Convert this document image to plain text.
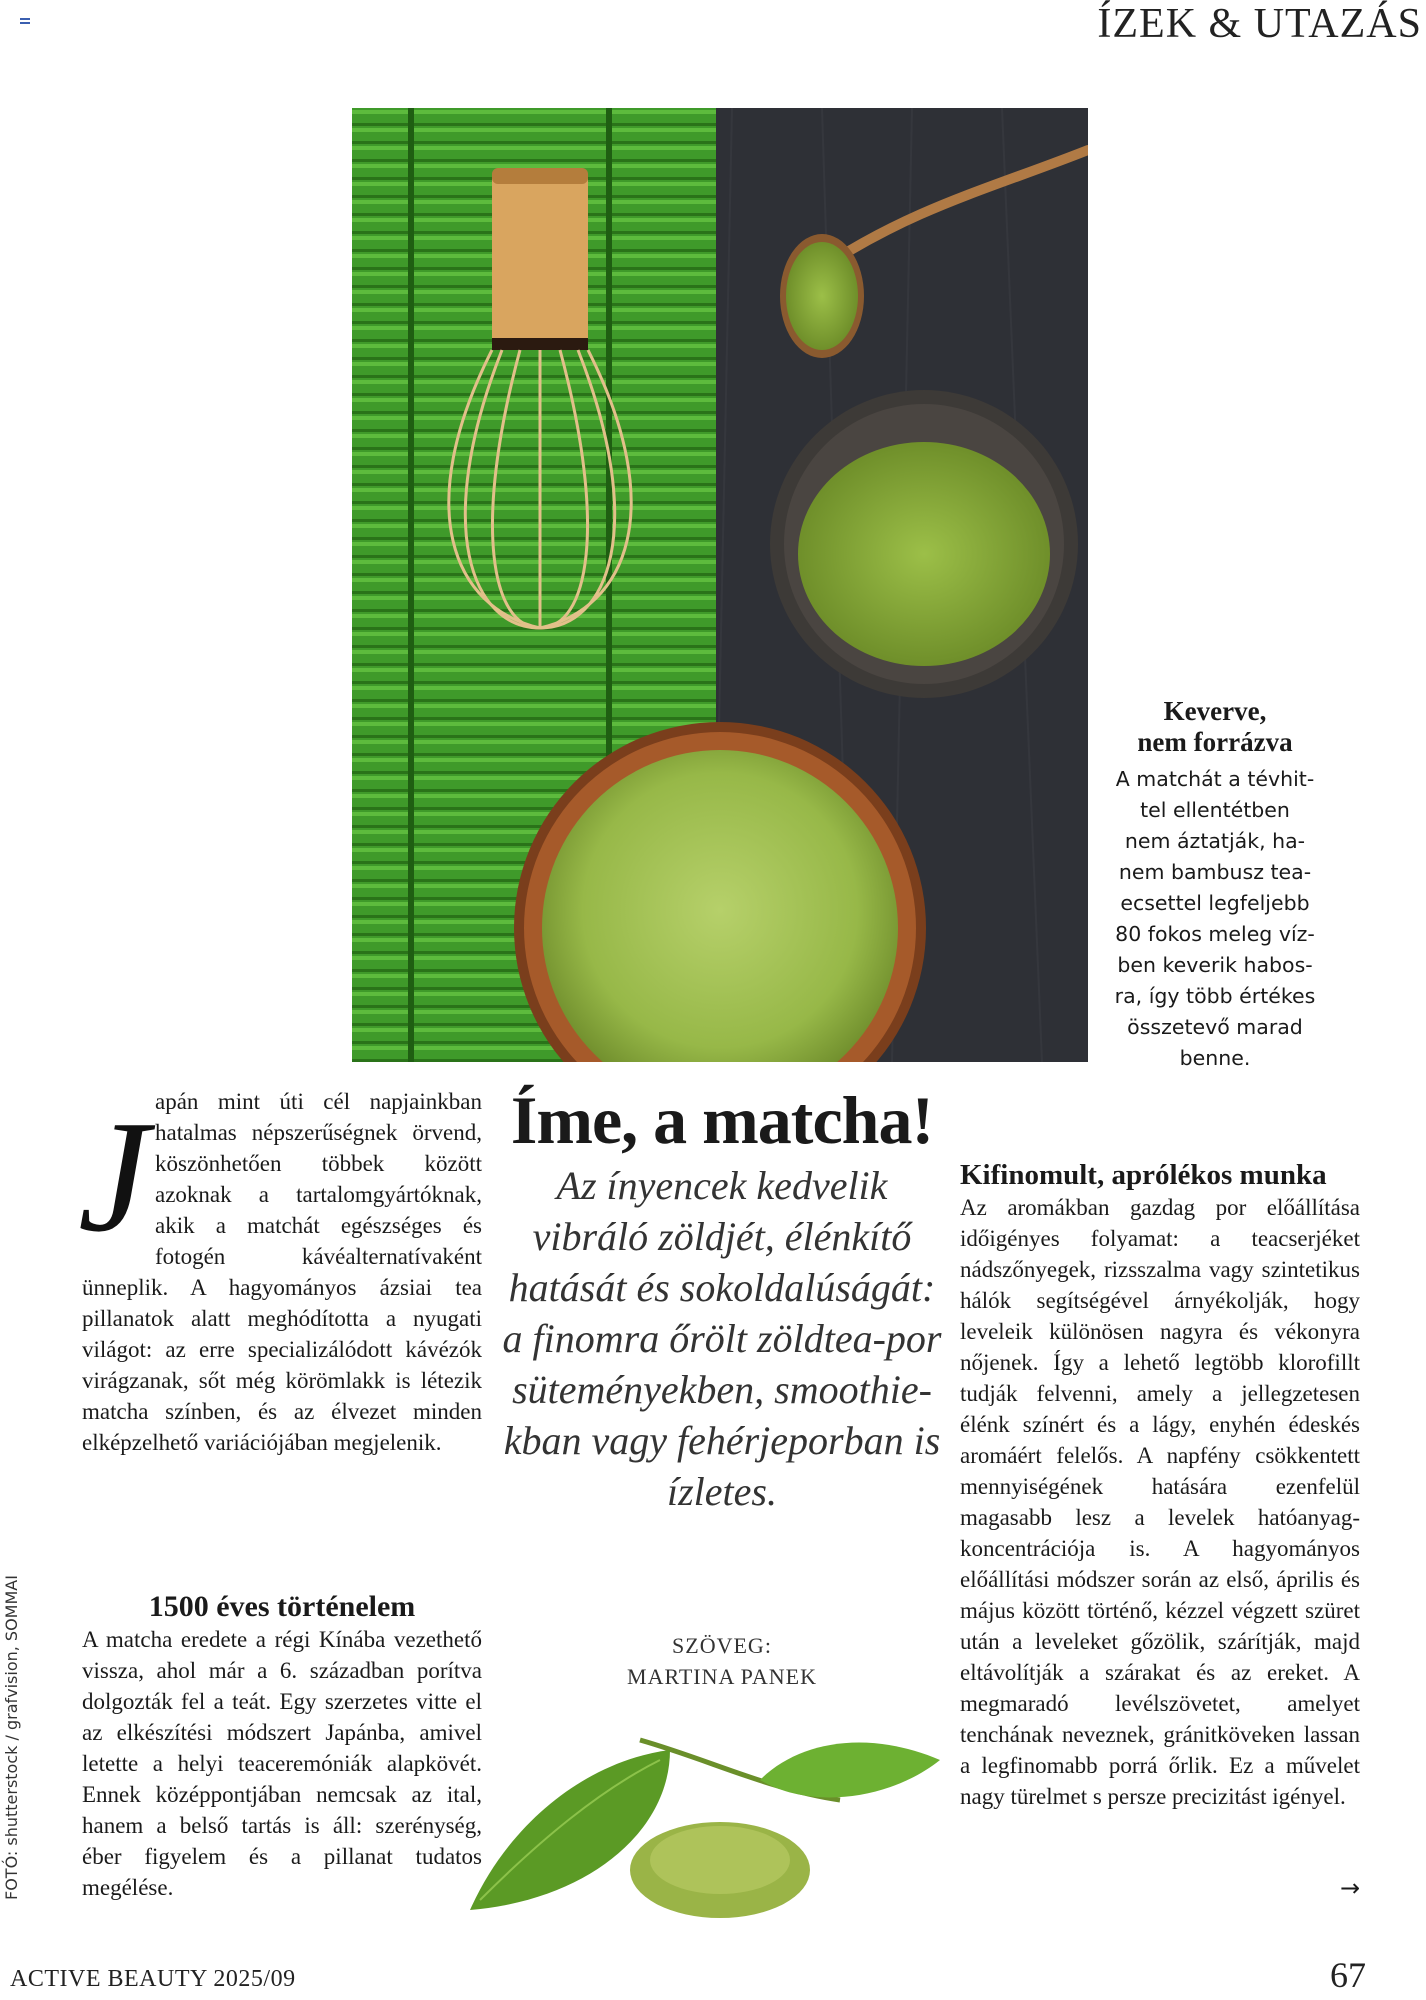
ÍZEK & UTAZÁS

Keverve,
nem forrázva

A matchát a tévhit-
tel ellentétben
nem áztatják, ha-
nem bambusz tea-
ecsettel legfeljebb
80 fokos meleg víz-
ben keverik habos-
ra, így több értékes
összetevő marad
benne.

FOTÓ: shutterstock / grafvision, SOMMAI

Japán mint úti cél napjainkban hatalmas népszerűségnek örvend, köszönhetően többek között azoknak a tartalomgyártóknak, akik a matchát egészséges és fotogén kávéalternatívaként ünneplik. A hagyományos ázsiai tea pillanatok alatt meghódította a nyugati világot: az erre specializálódott kávézók virágzanak, sőt még körömlakk is létezik matcha színben, és az élvezet minden elképzelhető variációjában megjelenik.

1500 éves történelem

A matcha eredete a régi Kínába vezethető vissza, ahol már a 6. században porítva dolgozták fel a teát. Egy szerzetes vitte el az elkészítési módszert Japánba, amivel letette a helyi teaceremóniák alapkövét. Ennek középpontjában nemcsak az ital, hanem a belső tartás is áll: szerénység, éber figyelem és a pillanat tudatos megélése.

Íme, a matcha!

Az ínyencek kedvelik vibráló zöldjét, élénkítő hatását és sokoldalúságát: a finomra őrölt zöldtea-por süteményekben, smoothie-kban vagy fehérjeporban is ízletes.

SZÖVEG:
MARTINA PANEK
Kifinomult, aprólékos munka

Az aromákban gazdag por előállítása időigényes folyamat: a teacserjéket nádszőnyegek, rizsszalma vagy szintetikus hálók segítségével árnyékolják, hogy leveleik különösen nagyra és vékonyra nőjenek. Így a lehető legtöbb klorofillt tudják felvenni, amely a jellegzetesen élénk színért és a lágy, enyhén édeskés aromáért felelős. A napfény csökkentett mennyiségének hatására ezenfelül magasabb lesz a levelek hatóanyag-koncentrációja is. A hagyományos előállítási módszer során az első, április és május között történő, kézzel végzett szüret után a leveleket gőzölik, szárítják, majd eltávolítják a szárakat és az ereket. A megmaradó levélszövetet, amelyet tenchának neveznek, gránitköveken lassan a legfinomabb porrá őrlik. Ez a művelet nagy türelmet s persze precizitást igényel.

→
ACTIVE BEAUTY 2025/09	67
